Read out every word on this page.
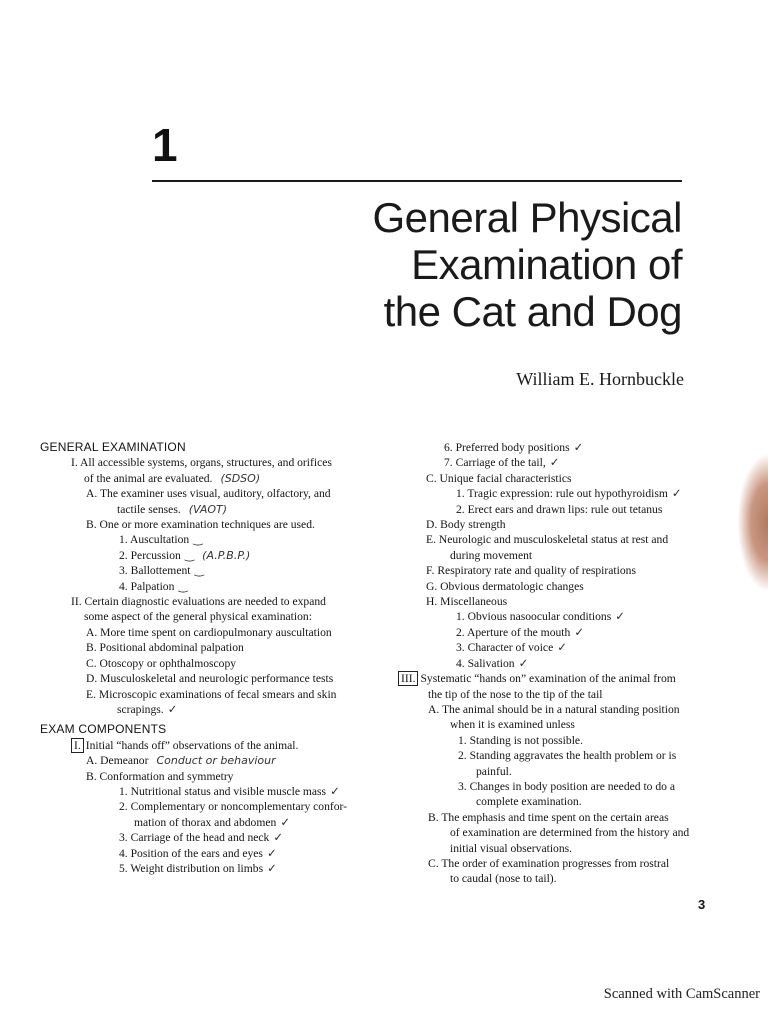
1
General Physical
Examination of
the Cat and Dog
William E. Hornbuckle
GENERAL EXAMINATION
I. All accessible systems, organs, structures, and orifices
of the animal are evaluated. (SDSO)
A. The examiner uses visual, auditory, olfactory, and
tactile senses. (VAOT)
B. One or more examination techniques are used.
1. Auscultation ‿
2. Percussion ‿ (A.P.B.P.)
3. Ballottement ‿
4. Palpation ‿
II. Certain diagnostic evaluations are needed to expand
some aspect of the general physical examination:
A. More time spent on cardiopulmonary auscultation
B. Positional abdominal palpation
C. Otoscopy or ophthalmoscopy
D. Musculoskeletal and neurologic performance tests
E. Microscopic examinations of fecal smears and skin
scrapings. ✓
EXAM COMPONENTS
I. Initial “hands off” observations of the animal.
A. Demeanor Conduct or behaviour
B. Conformation and symmetry
1. Nutritional status and visible muscle mass ✓
2. Complementary or noncomplementary confor-
mation of thorax and abdomen ✓
3. Carriage of the head and neck ✓
4. Position of the ears and eyes ✓
5. Weight distribution on limbs ✓
6. Preferred body positions ✓
7. Carriage of the tail, ✓
C. Unique facial characteristics
1. Tragic expression: rule out hypothyroidism ✓
2. Erect ears and drawn lips: rule out tetanus
D. Body strength
E. Neurologic and musculoskeletal status at rest and
during movement
F. Respiratory rate and quality of respirations
G. Obvious dermatologic changes
H. Miscellaneous
1. Obvious nasoocular conditions ✓
2. Aperture of the mouth ✓
3. Character of voice ✓
4. Salivation ✓
III. Systematic “hands on” examination of the animal from
the tip of the nose to the tip of the tail
A. The animal should be in a natural standing position
when it is examined unless
1. Standing is not possible.
2. Standing aggravates the health problem or is
painful.
3. Changes in body position are needed to do a
complete examination.
B. The emphasis and time spent on the certain areas
of examination are determined from the history and
initial visual observations.
C. The order of examination progresses from rostral
to caudal (nose to tail).
3
Scanned with CamScanner
